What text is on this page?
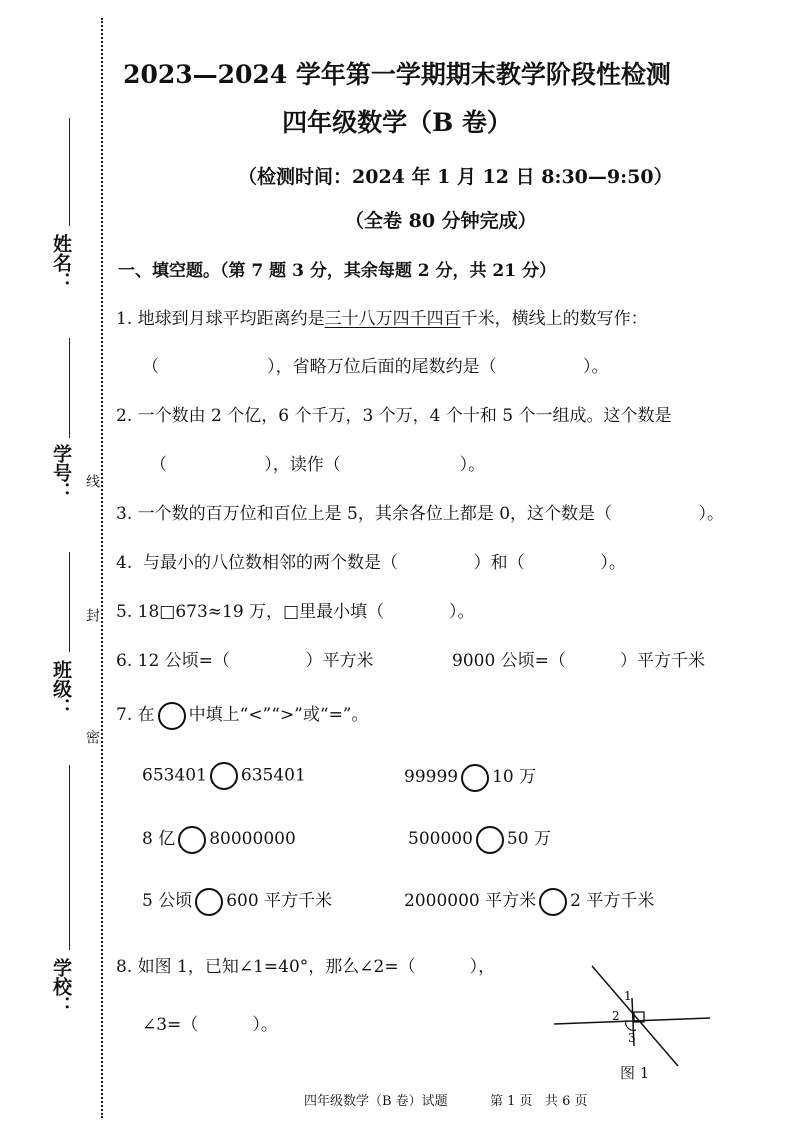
姓名：
学号：
班级：
学校：
线
封
密
2023—2024 学年第一学期期末教学阶段性检测
四年级数学（B 卷）
（检测时间：2024 年 1 月 12 日 8:30—9:50）
（全卷 80 分钟完成）
一、填空题。（第 7 题 3 分，其余每题 2 分，共 21 分）
1. 地球到月球平均距离约是三十八万四千四百千米，横线上的数写作：
（                    ），省略万位后面的尾数约是（                ）。
2. 一个数由 2 个亿，6 个千万，3 个万，4 个十和 5 个一组成。这个数是
（                  ），读作（                      ）。
3. 一个数的百万位和百位上是 5，其余各位上都是 0，这个数是（                ）。
4.  与最小的八位数相邻的两个数是（              ）和（              ）。
5. 18□673≈19 万，□里最小填（            ）。
6. 12 公顷=（              ）平方米	9000 公顷=（          ）平方千米
7. 在 中填上“<”“>”或“=”。
653401 635401	99999 10 万
8 亿 80000000	500000 50 万
5 公顷 600 平方千米	2000000 平方米 2 平方千米
8. 如图 1，已知∠1=40°，那么∠2=（          ），
∠3=（          ）。
1
2
3
图 1
四年级数学（B 卷）试题	第 1 页   共 6 页
